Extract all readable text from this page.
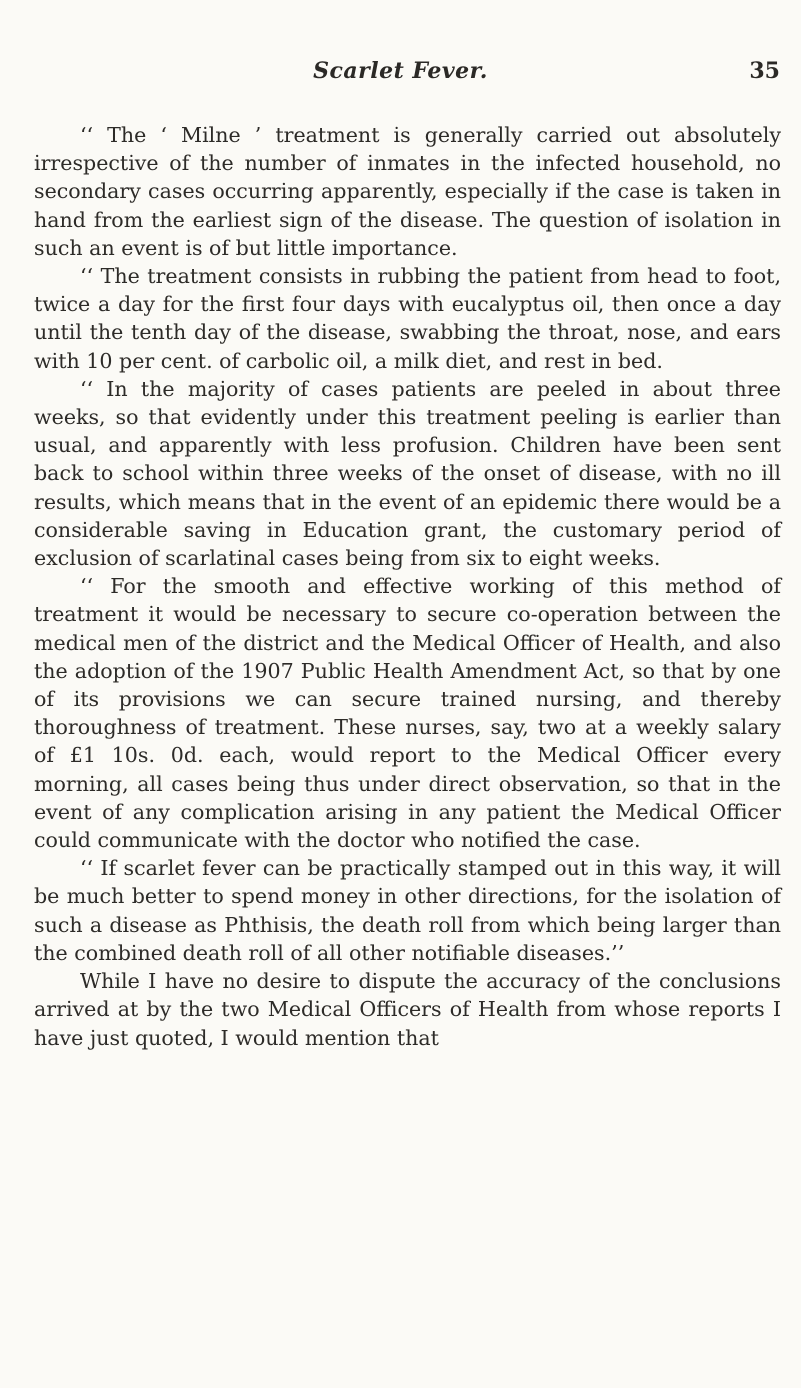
Scarlet Fever.	35

‘‘ The ‘ Milne ’ treatment is generally carried out absolutely irrespective of the number of inmates in the infected household, no secondary cases occurring apparently, especially if the case is taken in hand from the earliest sign of the disease. The question of isolation in such an event is of but little importance.

‘‘ The treatment consists in rubbing the patient from head to foot, twice a day for the first four days with eucalyptus oil, then once a day until the tenth day of the disease, swabbing the throat, nose, and ears with 10 per cent. of carbolic oil, a milk diet, and rest in bed.

‘‘ In the majority of cases patients are peeled in about three weeks, so that evidently under this treatment peeling is earlier than usual, and apparently with less profusion. Children have been sent back to school within three weeks of the onset of disease, with no ill results, which means that in the event of an epidemic there would be a considerable saving in Education grant, the customary period of exclusion of scarlatinal cases being from six to eight weeks.

‘‘ For the smooth and effective working of this method of treatment it would be necessary to secure co-operation between the medical men of the district and the Medical Officer of Health, and also the adoption of the 1907 Public Health Amendment Act, so that by one of its provisions we can secure trained nursing, and thereby thoroughness of treatment. These nurses, say, two at a weekly salary of £1 10s. 0d. each, would report to the Medical Officer every morning, all cases being thus under direct observation, so that in the event of any complication arising in any patient the Medical Officer could communicate with the doctor who notified the case.

‘‘ If scarlet fever can be practically stamped out in this way, it will be much better to spend money in other directions, for the isolation of such a disease as Phthisis, the death roll from which being larger than the combined death roll of all other notifiable diseases.’’

While I have no desire to dispute the accuracy of the conclusions arrived at by the two Medical Officers of Health from whose reports I have just quoted, I would mention that
